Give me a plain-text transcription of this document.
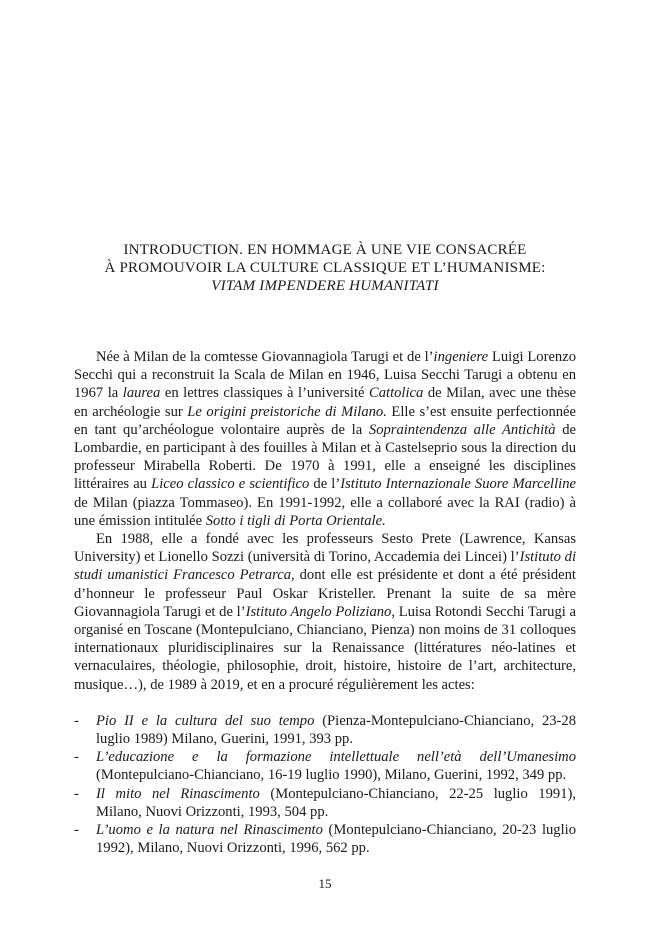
INTRODUCTION. EN HOMMAGE À UNE VIE CONSACRÉE
À PROMOUVOIR LA CULTURE CLASSIQUE ET L’HUMANISME:
VITAM IMPENDERE HUMANITATI

Née à Milan de la comtesse Giovannagiola Tarugi et de l’ingeniere Luigi Lorenzo Secchi qui a reconstruit la Scala de Milan en 1946, Luisa Secchi Tarugi a obtenu en 1967 la laurea en lettres classiques à l’université Cattolica de Milan, avec une thèse en archéologie sur Le origini preistoriche di Milano. Elle s’est ensuite perfectionnée en tant qu’archéologue volontaire auprès de la Sopraintendenza alle Antichità de Lombardie, en participant à des fouilles à Milan et à Castelseprio sous la direction du professeur Mirabella Roberti. De 1970 à 1991, elle a enseigné les disciplines littéraires au Liceo classico e scientifico de l’Istituto Internazionale Suore Marcelline de Milan (piazza Tommaseo). En 1991-1992, elle a collaboré avec la RAI (radio) à une émission intitulée Sotto i tigli di Porta Orientale.

En 1988, elle a fondé avec les professeurs Sesto Prete (Lawrence, Kansas University) et Lionello Sozzi (università di Torino, Accademia dei Lincei) l’Istituto di studi umanistici Francesco Petrarca, dont elle est présidente et dont a été président d’honneur le professeur Paul Oskar Kristeller. Prenant la suite de sa mère Giovannagiola Tarugi et de l’Istituto Angelo Poliziano, Luisa Rotondi Secchi Tarugi a organisé en Toscane (Montepulciano, Chianciano, Pienza) non moins de 31 colloques internationaux pluridisciplinaires sur la Renaissance (littératures néo-latines et vernaculaires, théologie, philosophie, droit, histoire, histoire de l’art, architecture, musique…), de 1989 à 2019, et en a procuré régulièrement les actes:

- Pio II e la cultura del suo tempo (Pienza-Montepulciano-Chianciano, 23-28 luglio 1989) Milano, Guerini, 1991, 393 pp.
- L’educazione e la formazione intellettuale nell’età dell’Umanesimo (Montepulciano-Chianciano, 16-19 luglio 1990), Milano, Guerini, 1992, 349 pp.
- Il mito nel Rinascimento (Montepulciano-Chianciano, 22-25 luglio 1991), Milano, Nuovi Orizzonti, 1993, 504 pp.
- L’uomo e la natura nel Rinascimento (Montepulciano-Chianciano, 20-23 luglio 1992), Milano, Nuovi Orizzonti, 1996, 562 pp.
15
